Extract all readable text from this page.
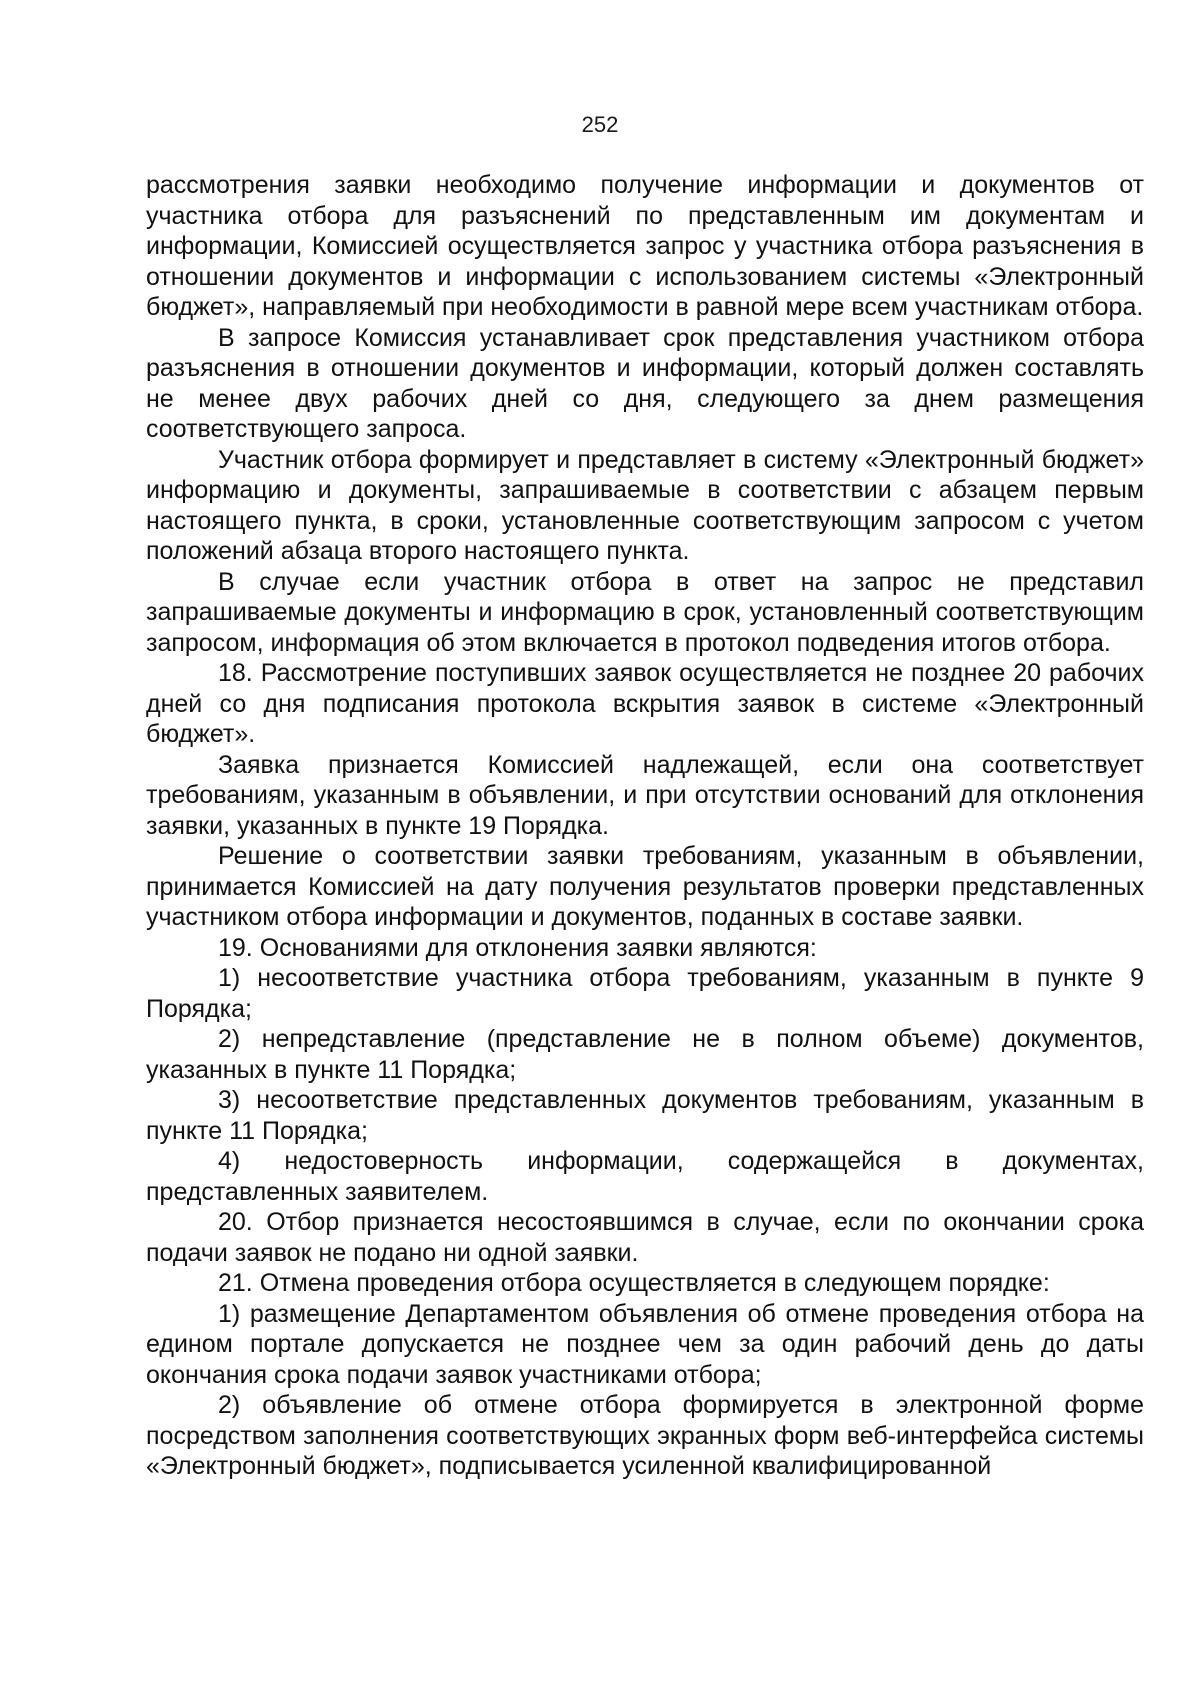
252

рассмотрения заявки необходимо получение информации и документов от участника отбора для разъяснений по представленным им документам и информации, Комиссией осуществляется запрос у участника отбора разъяснения в отношении документов и информации с использованием системы «Электронный бюджет», направляемый при необходимости в равной мере всем участникам отбора.

В запросе Комиссия устанавливает срок представления участником отбора разъяснения в отношении документов и информации, который должен составлять не менее двух рабочих дней со дня, следующего за днем размещения соответствующего запроса.

Участник отбора формирует и представляет в систему «Электронный бюджет» информацию и документы, запрашиваемые в соответствии с абзацем первым настоящего пункта, в сроки, установленные соответствующим запросом с учетом положений абзаца второго настоящего пункта.

В случае если участник отбора в ответ на запрос не представил запрашиваемые документы и информацию в срок, установленный соответствующим запросом, информация об этом включается в протокол подведения итогов отбора.

18. Рассмотрение поступивших заявок осуществляется не позднее 20 рабочих дней со дня подписания протокола вскрытия заявок в системе «Электронный бюджет».

Заявка признается Комиссией надлежащей, если она соответствует требованиям, указанным в объявлении, и при отсутствии оснований для отклонения заявки, указанных в пункте 19 Порядка.

Решение о соответствии заявки требованиям, указанным в объявлении, принимается Комиссией на дату получения результатов проверки представленных участником отбора информации и документов, поданных в составе заявки.

19. Основаниями для отклонения заявки являются:

1) несоответствие участника отбора требованиям, указанным в пункте 9 Порядка;

2) непредставление (представление не в полном объеме) документов, указанных в пункте 11 Порядка;

3) несоответствие представленных документов требованиям, указанным в пункте 11 Порядка;

4) недостоверность информации, содержащейся в документах, представленных заявителем.

20. Отбор признается несостоявшимся в случае, если по окончании срока подачи заявок не подано ни одной заявки.

21. Отмена проведения отбора осуществляется в следующем порядке:

1) размещение Департаментом объявления об отмене проведения отбора на едином портале допускается не позднее чем за один рабочий день до даты окончания срока подачи заявок участниками отбора;

2) объявление об отмене отбора формируется в электронной форме посредством заполнения соответствующих экранных форм веб-интерфейса системы «Электронный бюджет», подписывается усиленной квалифицированной
